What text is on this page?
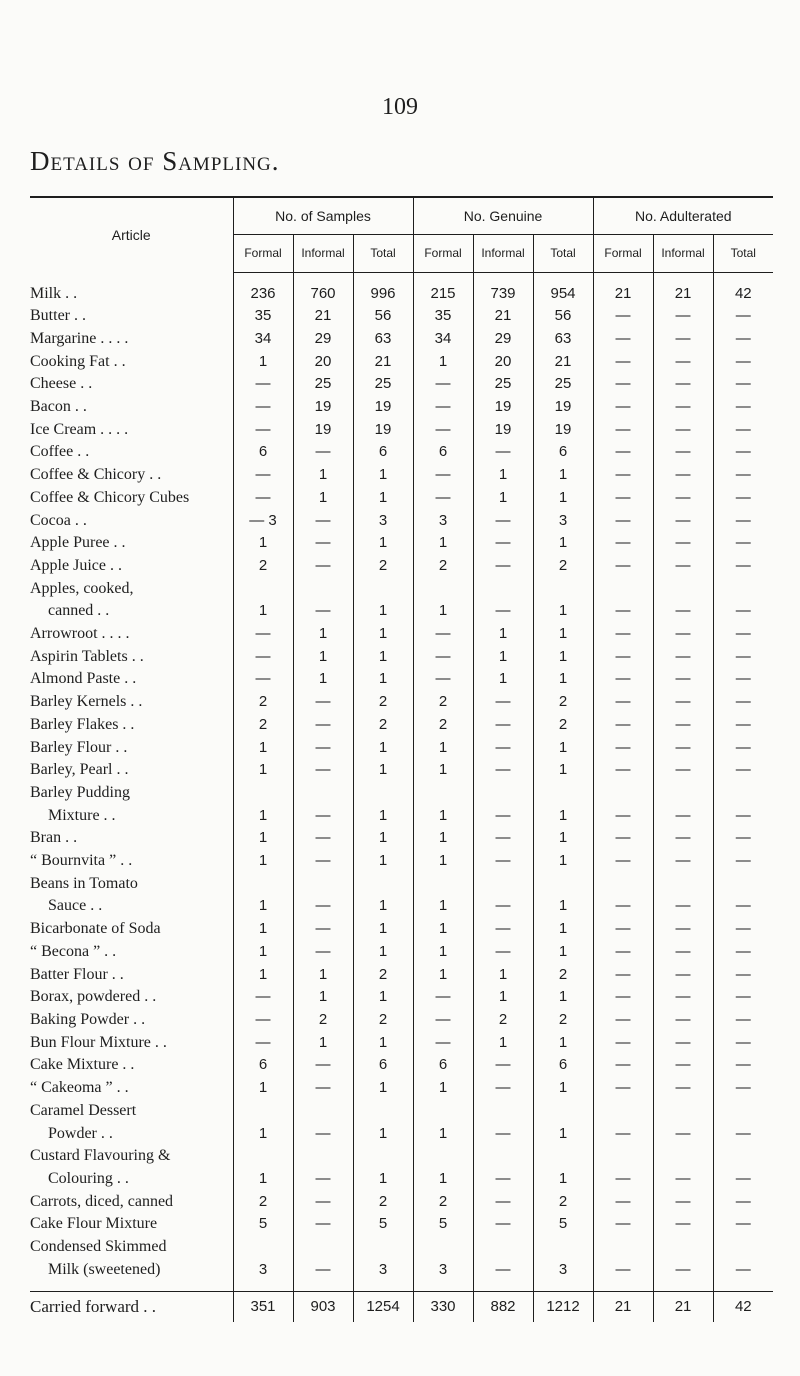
109
Details of Sampling.
Article	No. of Samples			No. Genuine			No. Adulterated		
	Formal	Informal	Total	Formal	Informal	Total	Formal	Informal	Total

Milk . .	236	760	996	215	739	954	21	21	42
Butter . .	35	21	56	35	21	56	—	—	—
Margarine . . . .	34	29	63	34	29	63	—	—	—
Cooking Fat . .	1	20	21	1	20	21	—	—	—
Cheese . .	—	25	25	—	25	25	—	—	—
Bacon . .	—	19	19	—	19	19	—	—	—
Ice Cream . . . .	—	19	19	—	19	19	—	—	—
Coffee . .	6	—	6	6	—	6	—	—	—
Coffee & Chicory . .	—	1	1	—	1	1	—	—	—
Coffee & Chicory Cubes	—	1	1	—	1	1	—	—	—
Cocoa . .	— 3	—	3	3	—	3	—	—	—
Apple Puree . .	1	—	1	1	—	1	—	—	—
Apple Juice . .	2	—	2	2	—	2	—	—	—
Apples, cooked,									
canned . .	1	—	1	1	—	1	—	—	—
Arrowroot . . . .	—	1	1	—	1	1	—	—	—
Aspirin Tablets . .	—	1	1	—	1	1	—	—	—
Almond Paste . .	—	1	1	—	1	1	—	—	—
Barley Kernels . .	2	—	2	2	—	2	—	—	—
Barley Flakes . .	2	—	2	2	—	2	—	—	—
Barley Flour . .	1	—	1	1	—	1	—	—	—
Barley, Pearl . .	1	—	1	1	—	1	—	—	—
Barley Pudding									
Mixture . .	1	—	1	1	—	1	—	—	—
Bran . .	1	—	1	1	—	1	—	—	—
“ Bournvita ” . .	1	—	1	1	—	1	—	—	—
Beans in Tomato									
Sauce . .	1	—	1	1	—	1	—	—	—
Bicarbonate of Soda	1	—	1	1	—	1	—	—	—
“ Becona ” . .	1	—	1	1	—	1	—	—	—
Batter Flour . .	1	1	2	1	1	2	—	—	—
Borax, powdered . .	—	1	1	—	1	1	—	—	—
Baking Powder . .	—	2	2	—	2	2	—	—	—
Bun Flour Mixture . .	—	1	1	—	1	1	—	—	—
Cake Mixture . .	6	—	6	6	—	6	—	—	—
“ Cakeoma ” . .	1	—	1	1	—	1	—	—	—
Caramel Dessert									
Powder . .	1	—	1	1	—	1	—	—	—
Custard Flavouring &									
Colouring . .	1	—	1	1	—	1	—	—	—
Carrots, diced, canned	2	—	2	2	—	2	—	—	—
Cake Flour Mixture	5	—	5	5	—	5	—	—	—
Condensed Skimmed									
Milk (sweetened)	3	—	3	3	—	3	—	—	—

Carried forward . .	351	903	1254	330	882	1212	21	21	42
